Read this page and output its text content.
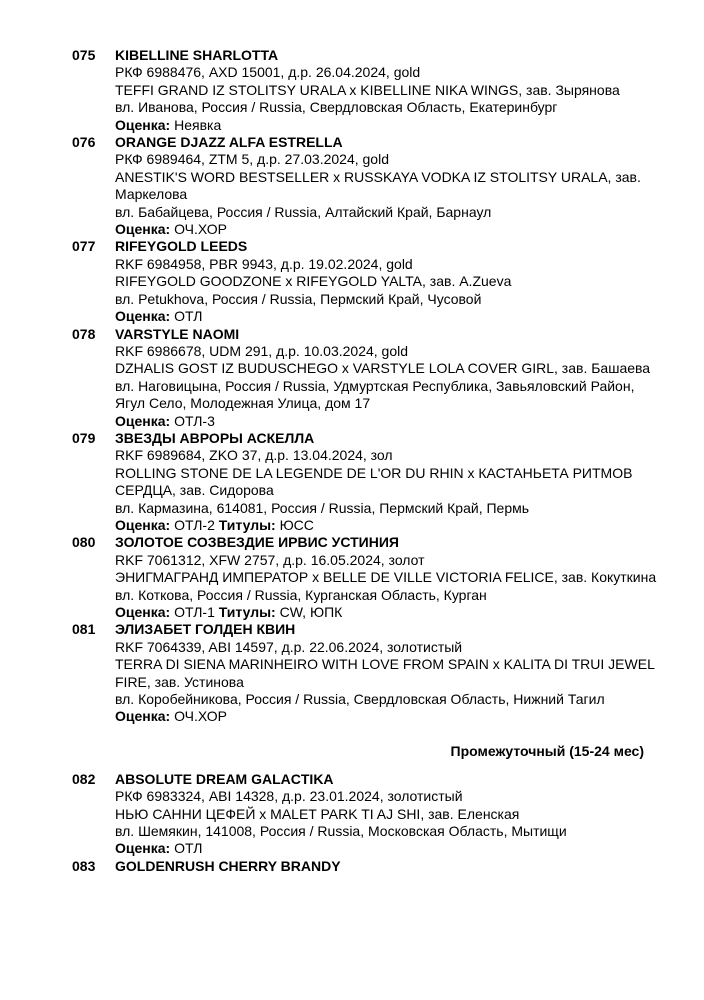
075 KIBELLINE SHARLOTTA
РКФ 6988476, AXD 15001, д.р. 26.04.2024, gold
TEFFI GRAND IZ STOLITSY URALA x KIBELLINE NIKA WINGS, зав. Зырянова
вл. Иванова, Россия / Russia, Свердловская Область, Екатеринбург
Оценка: Неявка
076 ORANGE DJAZZ ALFA ESTRELLA
РКФ 6989464, ZTM 5, д.р. 27.03.2024, gold
ANESTIK'S WORD BESTSELLER x RUSSKAYA VODKA IZ STOLITSY URALA, зав. Маркелова
вл. Бабайцева, Россия / Russia, Алтайский Край, Барнаул
Оценка: ОЧ.ХОР
077 RIFEYGOLD LEEDS
RKF 6984958, PBR 9943, д.р. 19.02.2024, gold
RIFEYGOLD GOODZONE x RIFEYGOLD YALTA, зав. A.Zueva
вл. Petukhova, Россия / Russia, Пермский Край, Чусовой
Оценка: ОТЛ
078 VARSTYLE NAOMI
RKF 6986678, UDM 291, д.р. 10.03.2024, gold
DZHALIS GOST IZ BUDUSCHEGO x VARSTYLE LOLA COVER GIRL, зав. Башаева
вл. Наговицына, Россия / Russia, Удмуртская Республика, Завьяловский Район, Ягул Село, Молодежная Улица, дом 17
Оценка: ОТЛ-3
079 ЗВЕЗДЫ АВРОРЫ АСКЕЛЛА
RKF 6989684, ZKO 37, д.р. 13.04.2024, зол
ROLLING STONE DE LA LEGENDE DE L'OR DU RHIN x КАСТАНЬЕТА РИТМОВ СЕРДЦА, зав. Сидорова
вл. Кармазина, 614081, Россия / Russia, Пермский Край, Пермь
Оценка: ОТЛ-2 Титулы: ЮСС
080 ЗОЛОТОЕ СОЗВЕЗДИЕ ИРВИС УСТИНИЯ
RKF 7061312, XFW 2757, д.р. 16.05.2024, золот
ЭНИГМАГРАНД ИМПЕРАТОР x BELLE DE VILLE VICTORIA FELICE, зав. Кокуткина
вл. Коткова, Россия / Russia, Курганская Область, Курган
Оценка: ОТЛ-1 Титулы: CW, ЮПК
081 ЭЛИЗАБЕТ ГОЛДЕН КВИН
RKF 7064339, ABI 14597, д.р. 22.06.2024, золотистый
TERRA DI SIENA MARINHEIRO WITH LOVE FROM SPAIN x KALITA DI TRUI JEWEL FIRE, зав. Устинова
вл. Коробейникова, Россия / Russia, Свердловская Область, Нижний Тагил
Оценка: ОЧ.ХОР
Промежуточный (15-24 мес)
082 ABSOLUTE DREAM GALACTIKA
РКФ 6983324, ABI 14328, д.р. 23.01.2024, золотистый
НЬЮ САННИ ЦЕФЕЙ x MALET PARK TI AJ SHI, зав. Еленская
вл. Шемякин, 141008, Россия / Russia, Московская Область, Мытищи
Оценка: ОТЛ
083 GOLDENRUSH CHERRY BRANDY
